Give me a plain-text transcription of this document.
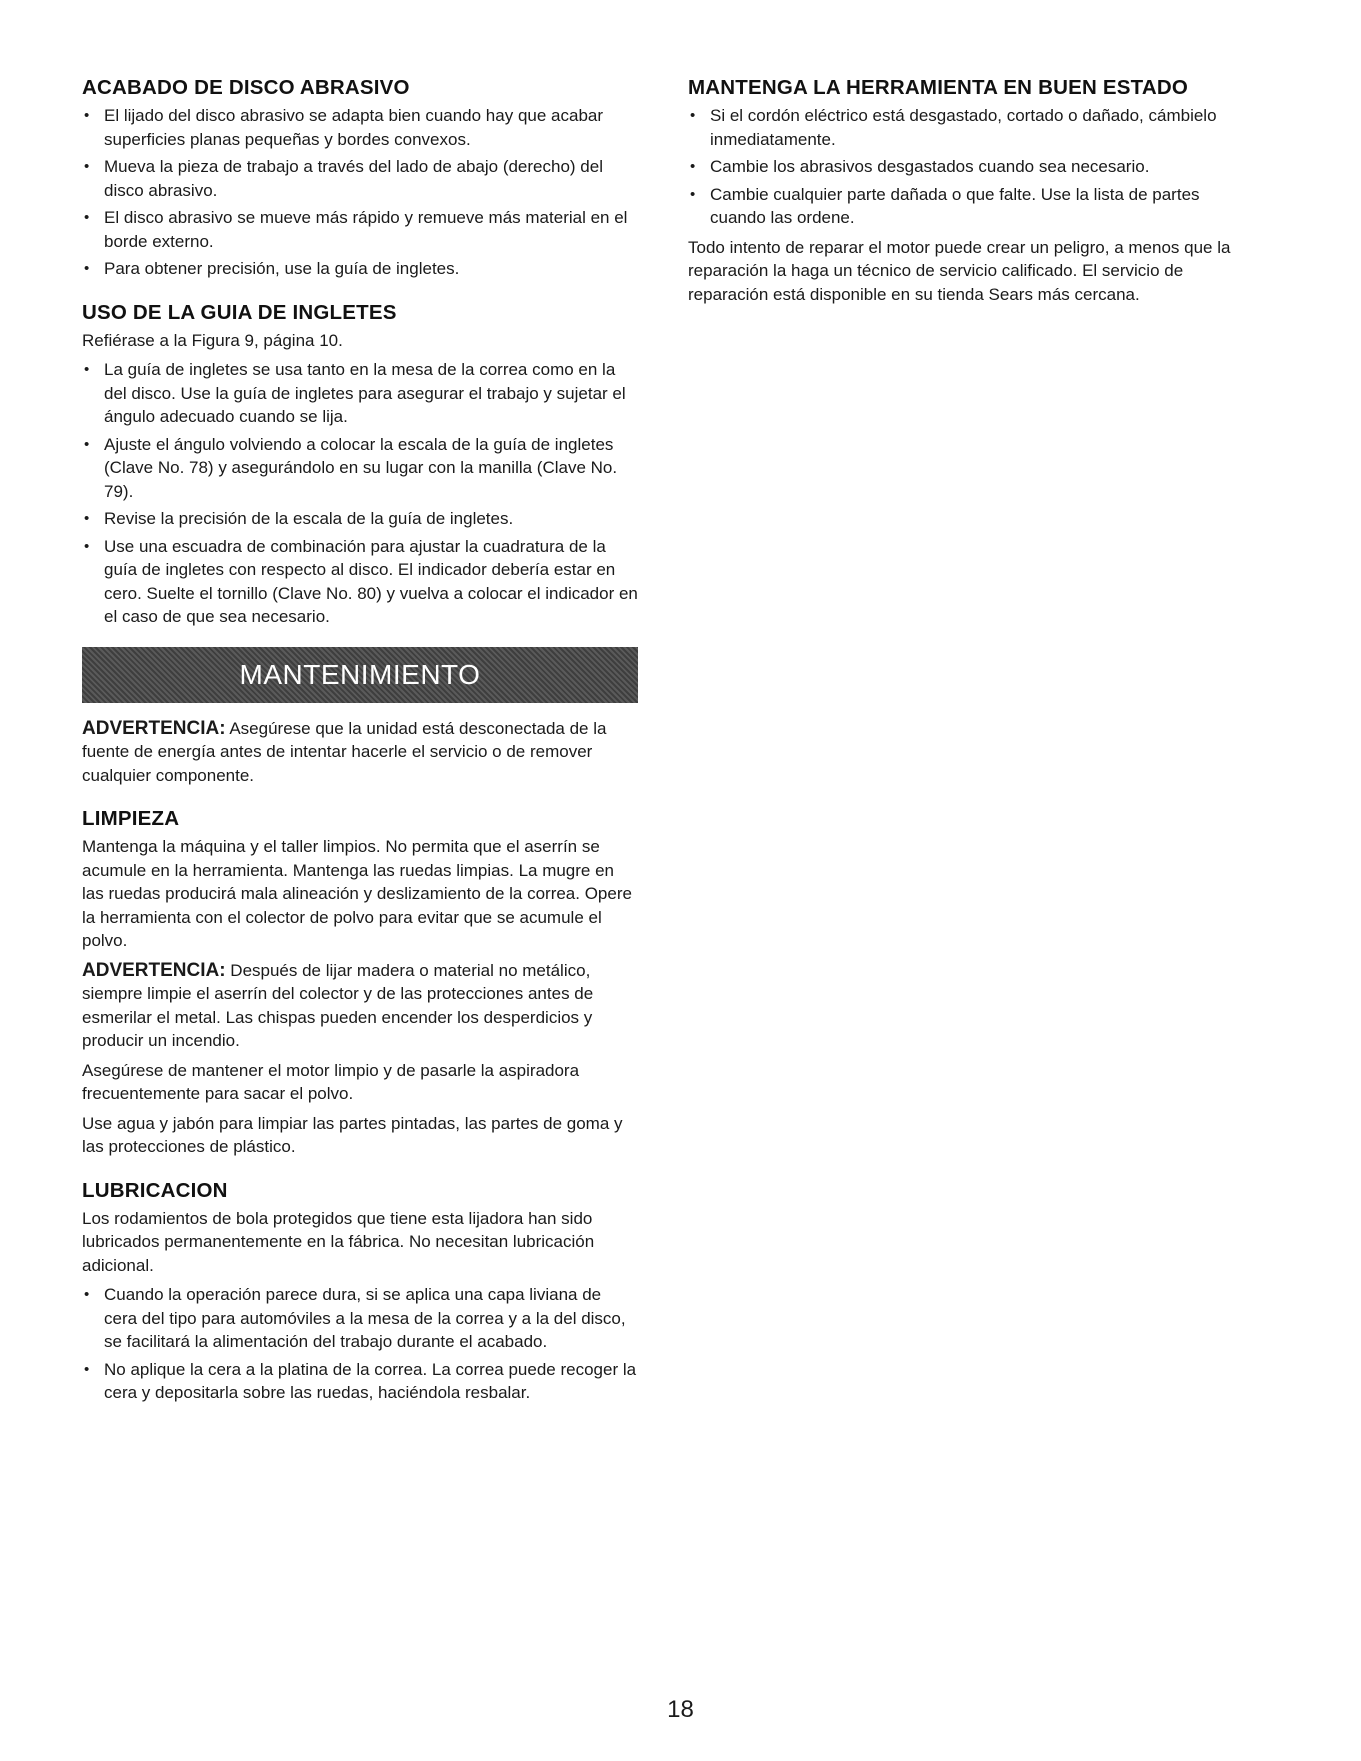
ACABADO DE DISCO ABRASIVO
• El lijado del disco abrasivo se adapta bien cuando hay que acabar superficies planas pequeñas y bordes convexos.
• Mueva la pieza de trabajo a través del lado de abajo (derecho) del disco abrasivo.
• El disco abrasivo se mueve más rápido y remueve más material en el borde externo.
• Para obtener precisión, use la guía de ingletes.
USO DE LA GUIA DE INGLETES

Refiérase a la Figura 9, página 10.

• La guía de ingletes se usa tanto en la mesa de la correa como en la del disco. Use la guía de ingletes para asegurar el trabajo y sujetar el ángulo adecuado cuando se lija.
• Ajuste el ángulo volviendo a colocar la escala de la guía de ingletes (Clave No. 78) y asegurándolo en su lugar con la manilla (Clave No. 79).
• Revise la precisión de la escala de la guía de ingletes.
• Use una escuadra de combinación para ajustar la cuadratura de la guía de ingletes con respecto al disco. El indicador debería estar en cero. Suelte el tornillo (Clave No. 80) y vuelva a colocar el indicador en el caso de que sea necesario.
MANTENIMIENTO

ADVERTENCIA: Asegúrese que la unidad está desconectada de la fuente de energía antes de intentar hacerle el servicio o de remover cualquier componente.

LIMPIEZA

Mantenga la máquina y el taller limpios. No permita que el aserrín se acumule en la herramienta. Mantenga las ruedas limpias. La mugre en las ruedas producirá mala alineación y deslizamiento de la correa. Opere la herramienta con el colector de polvo para evitar que se acumule el polvo.

ADVERTENCIA: Después de lijar madera o material no metálico, siempre limpie el aserrín del colector y de las protecciones antes de esmerilar el metal. Las chispas pueden encender los desperdicios y producir un incendio.

Asegúrese de mantener el motor limpio y de pasarle la aspiradora frecuentemente para sacar el polvo.

Use agua y jabón para limpiar las partes pintadas, las partes de goma y las protecciones de plástico.

LUBRICACION

Los rodamientos de bola protegidos que tiene esta lijadora han sido lubricados permanentemente en la fábrica. No necesitan lubricación adicional.

• Cuando la operación parece dura, si se aplica una capa liviana de cera del tipo para automóviles a la mesa de la correa y a la del disco, se facilitará la alimentación del trabajo durante el acabado.
• No aplique la cera a la platina de la correa. La correa puede recoger la cera y depositarla sobre las ruedas, haciéndola resbalar.
MANTENGA LA HERRAMIENTA EN BUEN ESTADO
• Si el cordón eléctrico está desgastado, cortado o dañado, cámbielo inmediatamente.
• Cambie los abrasivos desgastados cuando sea necesario.
• Cambie cualquier parte dañada o que falte. Use la lista de partes cuando las ordene.

Todo intento de reparar el motor puede crear un peligro, a menos que la reparación la haga un técnico de servicio calificado. El servicio de reparación está disponible en su tienda Sears más cercana.

18
